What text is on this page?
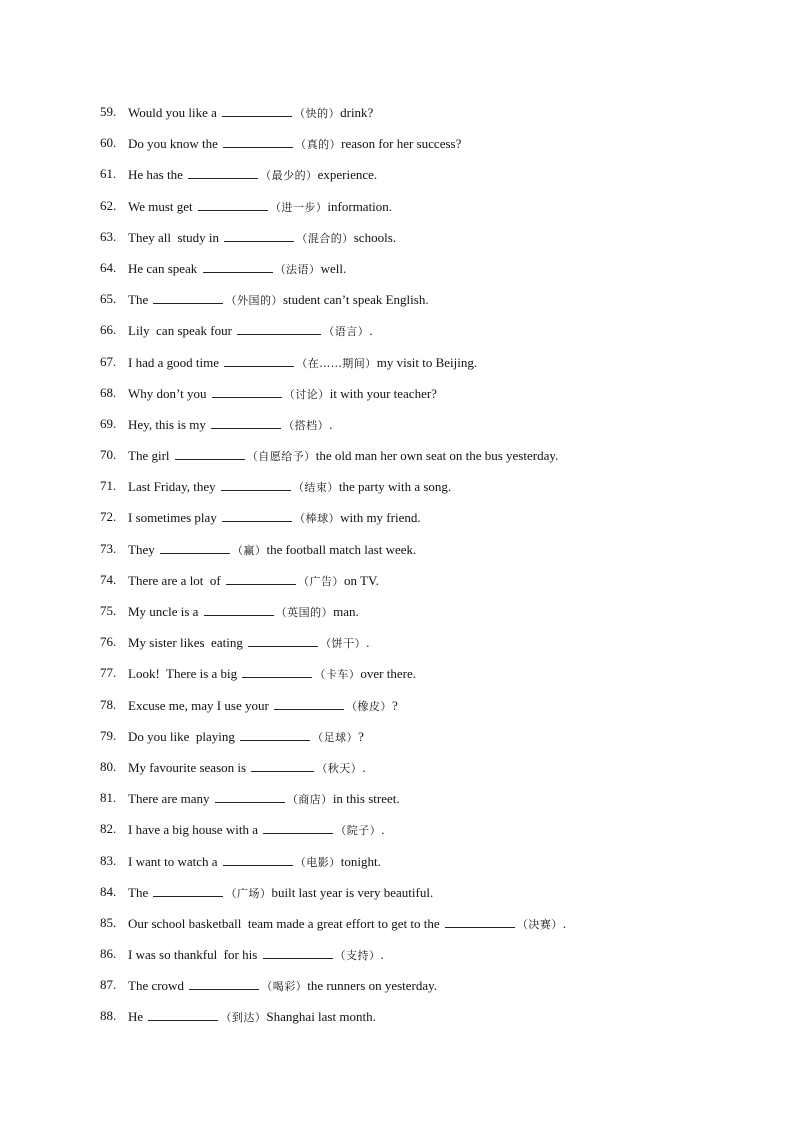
59. Would you like a	（快的）drink?
60. Do you know the	（真的）reason for her success?
61. He has the	（最少的）experience.
62. We must get	（进一步）information.
63. They all  study in	（混合的）schools.
64. He can speak	（法语）well.
65. The	（外国的）student can’t speak English.
66. Lily  can speak four	（语言）.
67. I had a good time	（在……期间）my visit to Beijing.
68. Why don’t you	（讨论）it with your teacher?
69. Hey, this is my	（搭档）.
70. The girl	（自愿给予）the old man her own seat on the bus yesterday.
71. Last Friday, they	（结束）the party with a song.
72. I sometimes play	（棒球）with my friend.
73. They	（赢）the football match last week.
74. There are a lot  of	（广告）on TV.
75. My uncle is a	（英国的）man.
76. My sister likes  eating	（饼干）.
77. Look!  There is a big	（卡车）over there.
78. Excuse me, may I use your	（橡皮）?
79. Do you like  playing	（足球）?
80. My favourite season is	（秋天）.
81. There are many	（商店）in this street.
82. I have a big house with a	（院子）.
83. I want to watch a	（电影）tonight.
84. The	（广场）built last year is very beautiful.
85. Our school basketball  team made a great effort to get to the	（决赛）.
86. I was so thankful  for his	（支持）.
87. The crowd	（喝彩）the runners on yesterday.
88. He	（到达）Shanghai last month.
